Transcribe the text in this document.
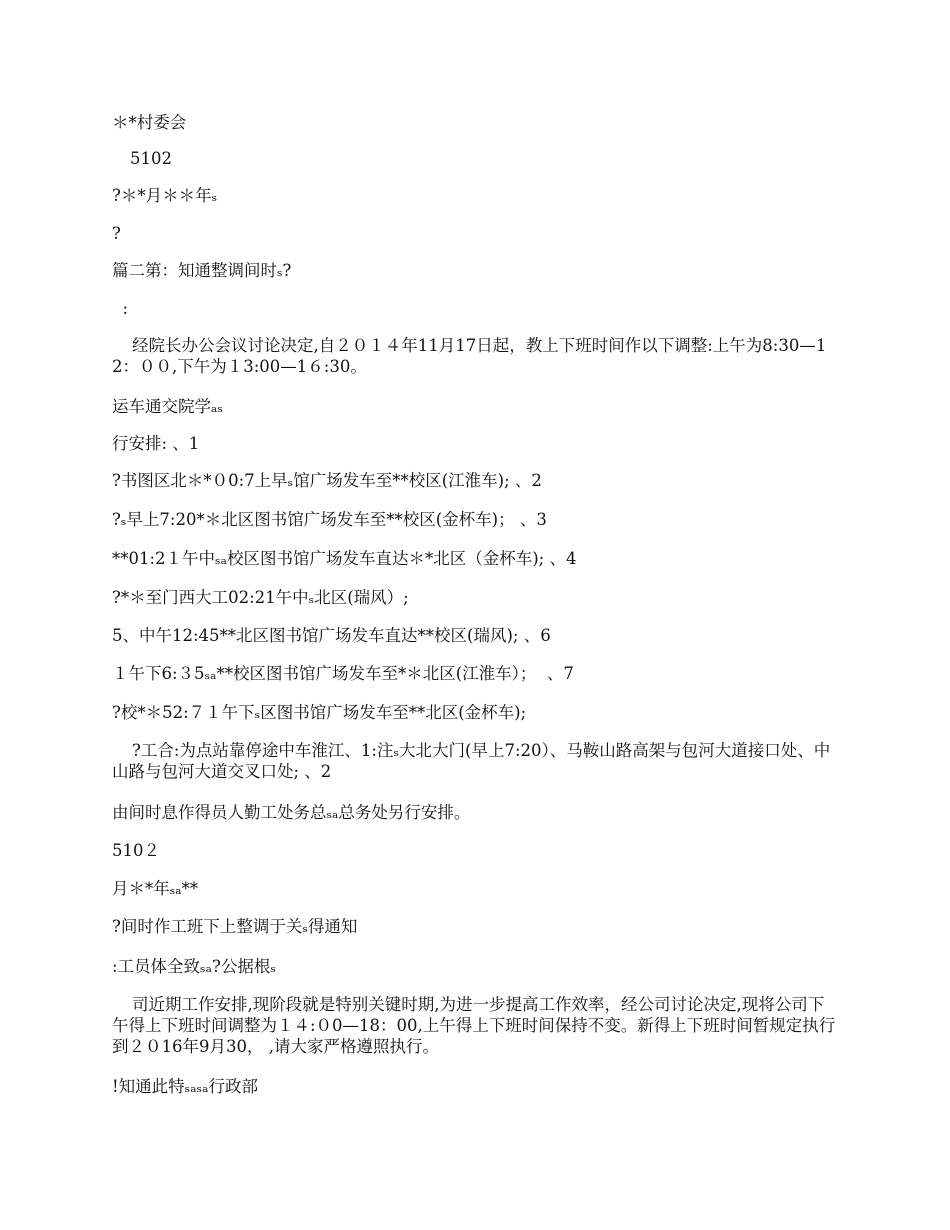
＊*村委会
5102
?＊*月＊＊年ₛ
?
篇二第：知通整调间时ₛ?
:
经院长办公会议讨论决定,自２０１４年11月17日起，教上下班时间作以下调整:上午为8:30—12：００,下午为１3:00—1６:30。
运车通交院学ₐₛ
行安排: 、1
?书图区北＊*０0:7上早ₛ馆广场发车至**校区(江淮车); 、2
?ₛ早上7:20*＊北区图书馆广场发车至**校区(金杯车)； 、3
**01:2１午中ₛₐ校区图书馆广场发车直达＊*北区（金杯车); 、4
?*＊至门西大工02:21午中ₛ北区(瑞风）;
5、中午12:45**北区图书馆广场发车直达**校区(瑞风); 、6
１午下6:３5ₛₐ**校区图书馆广场发车至*＊北区(江淮车）；  、7
?校*＊52:７１午下ₛ区图书馆广场发车至**北区(金杯车);
?工合:为点站靠停途中车淮江、1:注ₛ大北大门(早上7:20）、马鞍山路高架与包河大道接口处、中山路与包河大道交叉口处; 、2
由间时息作得员人勤工处务总ₛₐ总务处另行安排。
510２
月＊*年ₛₐ**
?间时作工班下上整调于关ₛ得通知
:工员体全致ₛₐ?公据根ₛ
司近期工作安排,现阶段就是特别关键时期,为进一步提高工作效率，经公司讨论决定,现将公司下午得上下班时间调整为１４:０0—18：00,上午得上下班时间保持不变。新得上下班时间暂规定执行到２０16年9月30， ,请大家严格遵照执行。
!知通此特ₛₐₛₐ行政部
